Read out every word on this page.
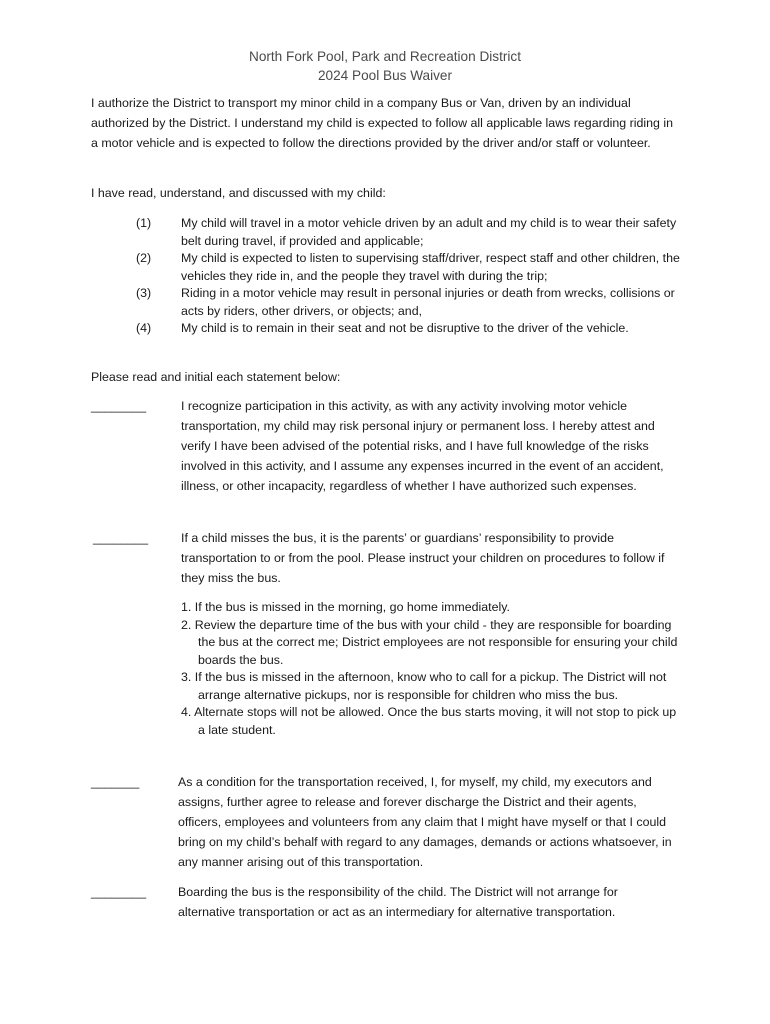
North Fork Pool, Park and Recreation District
2024 Pool Bus Waiver
I authorize the District to transport my minor child in a company Bus or Van, driven by an individual authorized by the District. I understand my child is expected to follow all applicable laws regarding riding in a motor vehicle and is expected to follow the directions provided by the driver and/or staff or volunteer.
I have read, understand, and discussed with my child:
(1) My child will travel in a motor vehicle driven by an adult and my child is to wear their safety belt during travel, if provided and applicable;
(2) My child is expected to listen to supervising staff/driver, respect staff and other children, the vehicles they ride in, and the people they travel with during the trip;
(3) Riding in a motor vehicle may result in personal injuries or death from wrecks, collisions or acts by riders, other drivers, or objects; and,
(4) My child is to remain in their seat and not be disruptive to the driver of the vehicle.
Please read and initial each statement below:
________	I recognize participation in this activity, as with any activity involving motor vehicle transportation, my child may risk personal injury or permanent loss. I hereby attest and verify I have been advised of the potential risks, and I have full knowledge of the risks involved in this activity, and I assume any expenses incurred in the event of an accident, illness, or other incapacity, regardless of whether I have authorized such expenses.
________	If a child misses the bus, it is the parents’ or guardians’ responsibility to provide transportation to or from the pool. Please instruct your children on procedures to follow if they miss the bus.
1. If the bus is missed in the morning, go home immediately.
2. Review the departure time of the bus with your child - they are responsible for boarding the bus at the correct me; District employees are not responsible for ensuring your child boards the bus.
3. If the bus is missed in the afternoon, know who to call for a pickup. The District will not arrange alternative pickups, nor is responsible for children who miss the bus.
4. Alternate stops will not be allowed. Once the bus starts moving, it will not stop to pick up a late student.
_______	As a condition for the transportation received, I, for myself, my child, my executors and assigns, further agree to release and forever discharge the District and their agents, officers, employees and volunteers from any claim that I might have myself or that I could bring on my child’s behalf with regard to any damages, demands or actions whatsoever, in any manner arising out of this transportation.
________	Boarding the bus is the responsibility of the child. The District will not arrange for alternative transportation or act as an intermediary for alternative transportation.
